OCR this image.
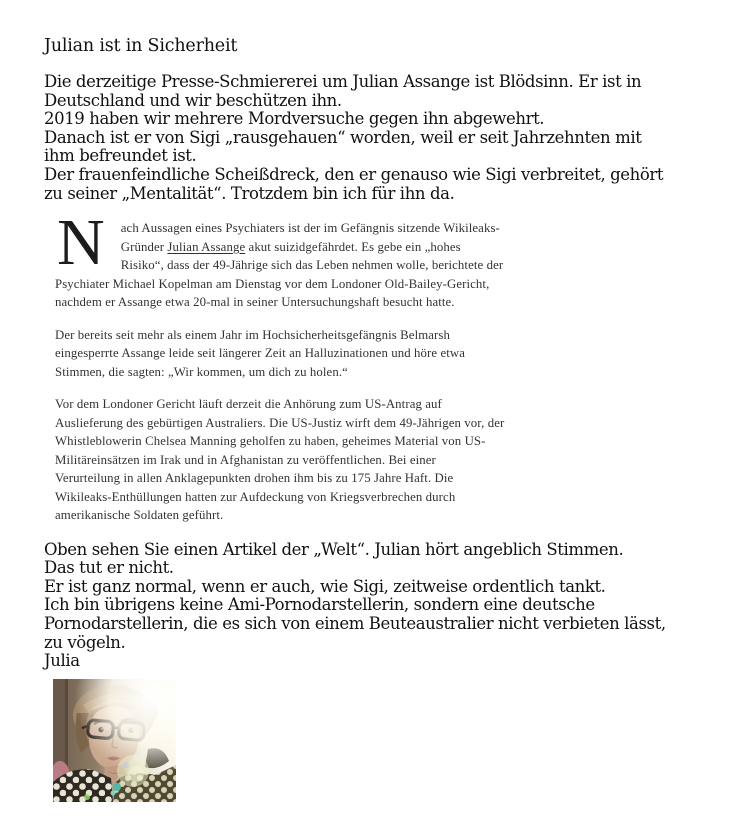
Julian ist in Sicherheit
Die derzeitige Presse-Schmiererei um Julian Assange ist Blödsinn. Er ist in
Deutschland und wir beschützen ihn.
2019 haben wir mehrere Mordversuche gegen ihn abgewehrt.
Danach ist er von Sigi „rausgehauen“ worden, weil er seit Jahrzehnten mit
ihm befreundet ist.
Der frauenfeindliche Scheißdreck, den er genauso wie Sigi verbreitet, gehört
zu seiner „Mentalität“. Trotzdem bin ich für ihn da.
N	ach Aussagen eines Psychiaters ist der im Gefängnis sitzende Wikileaks-
Gründer Julian Assange akut suizidgefährdet. Es gebe ein „hohes
Risiko“, dass der 49-Jährige sich das Leben nehmen wolle, berichtete der
Psychiater Michael Kopelman am Dienstag vor dem Londoner Old-Bailey-Gericht,
nachdem er Assange etwa 20-mal in seiner Untersuchungshaft besucht hatte.
Der bereits seit mehr als einem Jahr im Hochsicherheitsgefängnis Belmarsh
eingesperrte Assange leide seit längerer Zeit an Halluzinationen und höre etwa
Stimmen, die sagten: „Wir kommen, um dich zu holen.“
Vor dem Londoner Gericht läuft derzeit die Anhörung zum US-Antrag auf
Auslieferung des gebürtigen Australiers. Die US-Justiz wirft dem 49-Jährigen vor, der
Whistleblowerin Chelsea Manning geholfen zu haben, geheimes Material von US-
Militäreinsätzen im Irak und in Afghanistan zu veröffentlichen. Bei einer
Verurteilung in allen Anklagepunkten drohen ihm bis zu 175 Jahre Haft. Die
Wikileaks-Enthüllungen hatten zur Aufdeckung von Kriegsverbrechen durch
amerikanische Soldaten geführt.
Oben sehen Sie einen Artikel der „Welt“. Julian hört angeblich Stimmen.
Das tut er nicht.
Er ist ganz normal, wenn er auch, wie Sigi, zeitweise ordentlich tankt.
Ich bin übrigens keine Ami-Pornodarstellerin, sondern eine deutsche
Pornodarstellerin, die es sich von einem Beuteaustralier nicht verbieten lässt,
zu vögeln.
Julia
